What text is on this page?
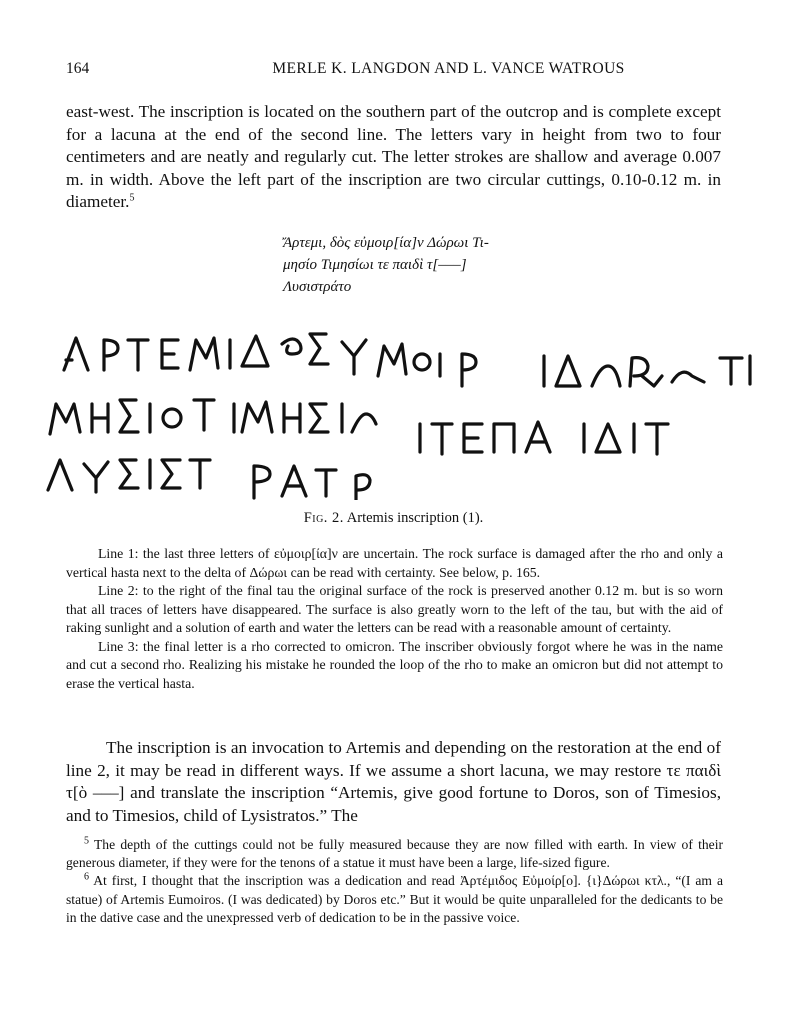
164	MERLE K. LANGDON AND L. VANCE WATROUS
east-west. The inscription is located on the southern part of the outcrop and is complete except for a lacuna at the end of the second line. The letters vary in height from two to four centimeters and are neatly and regularly cut. The letter strokes are shallow and average 0.007 m. in width. Above the left part of the inscription are two circular cuttings, 0.10-0.12 m. in diameter.$^5$
Ἄρτεμι, δὸς εὐμοιρ[ία]ν Δώρωι Τι-
μησίο Τιμησίωι τε παιδὶ τ[–––]
Λυσιστράτο
Fig. 2. Artemis inscription (1).

Line 1: the last three letters of εὐμοιρ[ία]ν are uncertain. The rock surface is damaged after the rho and only a vertical hasta next to the delta of Δώρωι can be read with certainty. See below, p. 165.

Line 2: to the right of the final tau the original surface of the rock is preserved another 0.12 m. but is so worn that all traces of letters have disappeared. The surface is also greatly worn to the left of the tau, but with the aid of raking sunlight and a solution of earth and water the letters can be read with a reasonable amount of certainty.

Line 3: the final letter is a rho corrected to omicron. The inscriber obviously forgot where he was in the name and cut a second rho. Realizing his mistake he rounded the loop of the rho to make an omicron but did not attempt to erase the vertical hasta.

The inscription is an invocation to Artemis and depending on the restoration at the end of line 2, it may be read in different ways. If we assume a short lacuna, we may restore τε παιδὶ τ[ὸ –––] and translate the inscription “Artemis, give good fortune to Doros, son of Timesios, and to Timesios, child of Lysistratos.” The

$^5$ The depth of the cuttings could not be fully measured because they are now filled with earth. In view of their generous diameter, if they were for the tenons of a statue it must have been a large, life-sized figure.

$^6$ At first, I thought that the inscription was a dedication and read Ἀρτέμιδος Εὐμοίρ[ο]. {ι}Δώρωι κτλ., “(I am a statue) of Artemis Eumoiros. (I was dedicated) by Doros etc.” But it would be quite unparalleled for the dedicants to be in the dative case and the unexpressed verb of dedication to be in the passive voice.
